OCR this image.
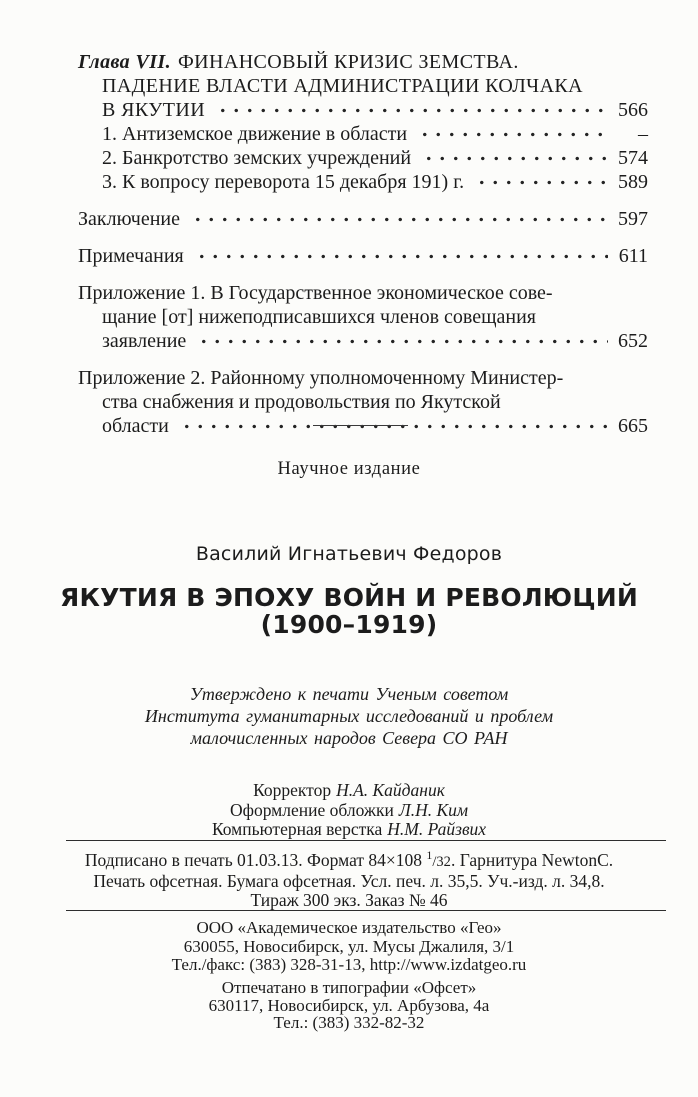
Глава VII. ФИНАНСОВЫЙ КРИЗИС ЗЕМСТВА.
ПАДЕНИЕ ВЛАСТИ АДМИНИСТРАЦИИ КОЛЧАКА
В ЯКУТИИ	566
1. Антиземское движение в области	–
2. Банкротство земских учреждений	574
3. К вопросу переворота 15 декабря 191) г.	589
Заключение	597
Примечания	611
Приложение 1. В Государственное экономическое сове-
щание [от] нижеподписавшихся членов совещания
заявление	652
Приложение 2. Районному уполномоченному Министер-
ства снабжения и продовольствия по Якутской
области	665
Научное издание
Василий Игнатьевич Федоров
ЯКУТИЯ В ЭПОХУ ВОЙН И РЕВОЛЮЦИЙ
(1900–1919)
Утверждено к печати Ученым советом
Института гуманитарных исследований и проблем
малочисленных народов Севера СО РАН
Корректор Н.А. Кайданик
Оформление обложки Л.Н. Ким
Компьютерная верстка Н.М. Райзвих
Подписано в печать 01.03.13. Формат 84×108 $^1$/32. Гарнитура NewtonC.
Печать офсетная. Бумага офсетная. Усл. печ. л. 35,5. Уч.-изд. л. 34,8.
Тираж 300 экз. Заказ № 46
ООО «Академическое издательство «Гео»
630055, Новосибирск, ул. Мусы Джалиля, 3/1
Тел./факс: (383) 328-31-13, http://www.izdatgeo.ru
Отпечатано в типографии «Офсет»
630117, Новосибирск, ул. Арбузова, 4а
Тел.: (383) 332-82-32
